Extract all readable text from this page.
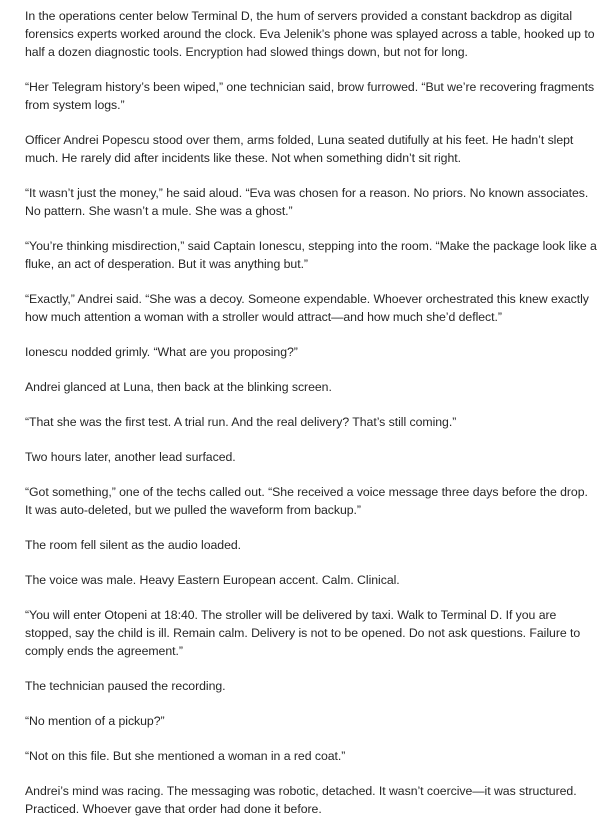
In the operations center below Terminal D, the hum of servers provided a constant backdrop as digital forensics experts worked around the clock. Eva Jelenik’s phone was splayed across a table, hooked up to half a dozen diagnostic tools. Encryption had slowed things down, but not for long.

“Her Telegram history’s been wiped,” one technician said, brow furrowed. “But we’re recovering fragments from system logs.”

Officer Andrei Popescu stood over them, arms folded, Luna seated dutifully at his feet. He hadn’t slept much. He rarely did after incidents like these. Not when something didn’t sit right.

“It wasn’t just the money,” he said aloud. “Eva was chosen for a reason. No priors. No known associates. No pattern. She wasn’t a mule. She was a ghost.”

“You’re thinking misdirection,” said Captain Ionescu, stepping into the room. “Make the package look like a fluke, an act of desperation. But it was anything but.”

“Exactly,” Andrei said. “She was a decoy. Someone expendable. Whoever orchestrated this knew exactly how much attention a woman with a stroller would attract—and how much she’d deflect.”

Ionescu nodded grimly. “What are you proposing?”

Andrei glanced at Luna, then back at the blinking screen.

“That she was the first test. A trial run. And the real delivery? That’s still coming.”

Two hours later, another lead surfaced.

“Got something,” one of the techs called out. “She received a voice message three days before the drop. It was auto-deleted, but we pulled the waveform from backup.”

The room fell silent as the audio loaded.

The voice was male. Heavy Eastern European accent. Calm. Clinical.

“You will enter Otopeni at 18:40. The stroller will be delivered by taxi. Walk to Terminal D. If you are stopped, say the child is ill. Remain calm. Delivery is not to be opened. Do not ask questions. Failure to comply ends the agreement.”

The technician paused the recording.

“No mention of a pickup?”

“Not on this file. But she mentioned a woman in a red coat.”

Andrei’s mind was racing. The messaging was robotic, detached. It wasn’t coercive—it was structured. Practiced. Whoever gave that order had done it before.
